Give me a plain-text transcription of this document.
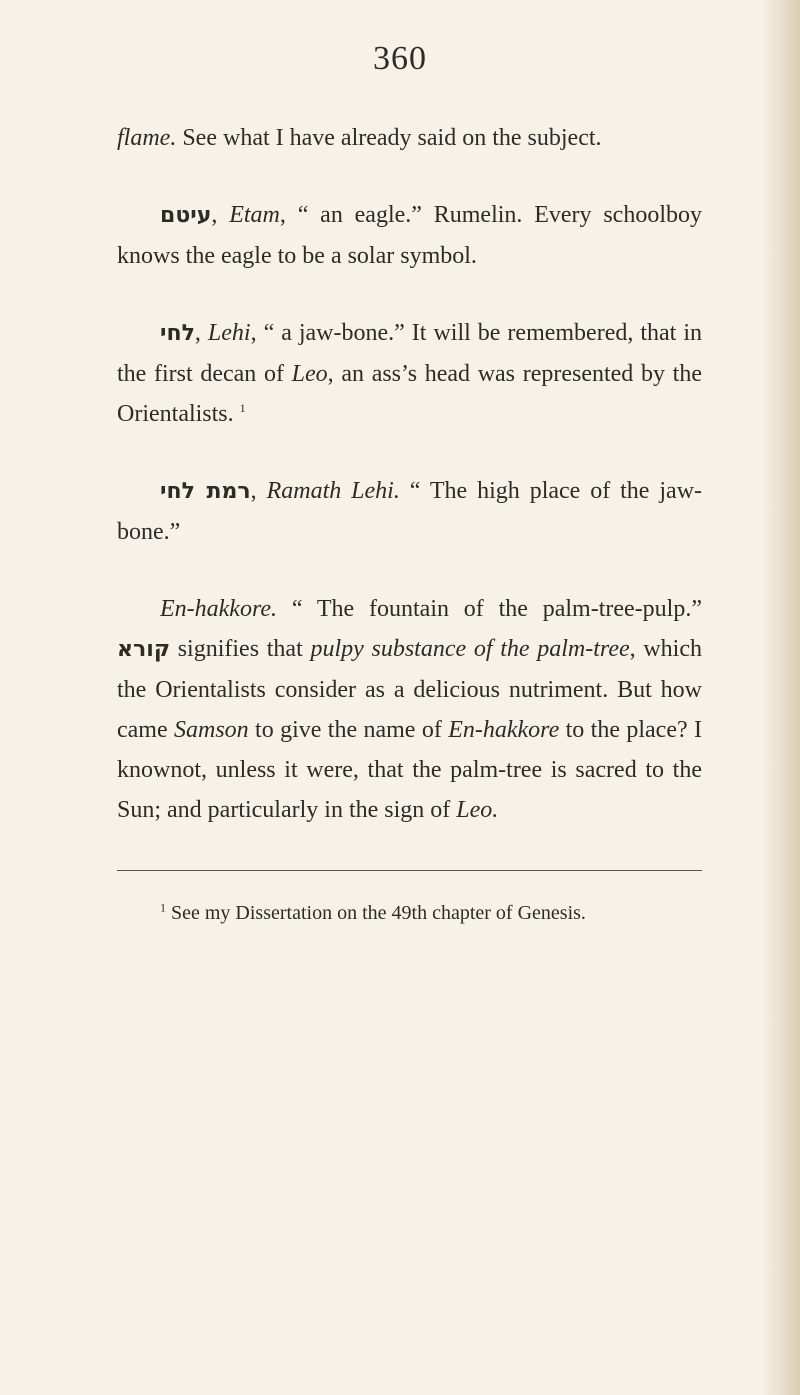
360

flame. See what I have already said on the subject.

עיטם, Etam, “ an eagle.” Rumelin. Every schoolboy knows the eagle to be a solar symbol.

לחי, Lehi, “ a jaw-bone.” It will be remembered, that in the first decan of Leo, an ass’s head was represented by the Orientalists. $^1$

רמת לחי, Ramath Lehi. “ The high place of the jaw-bone.”

En-hakkore. “ The fountain of the palm-tree-pulp.” קורא signifies that pulpy substance of the palm-tree, which the Orientalists consider as a delicious nutriment. But how came Samson to give the name of En-hakkore to the place? I knownot, unless it were, that the palm-tree is sacred to the Sun; and particularly in the sign of Leo.

$^1$ See my Dissertation on the 49th chapter of Genesis.
